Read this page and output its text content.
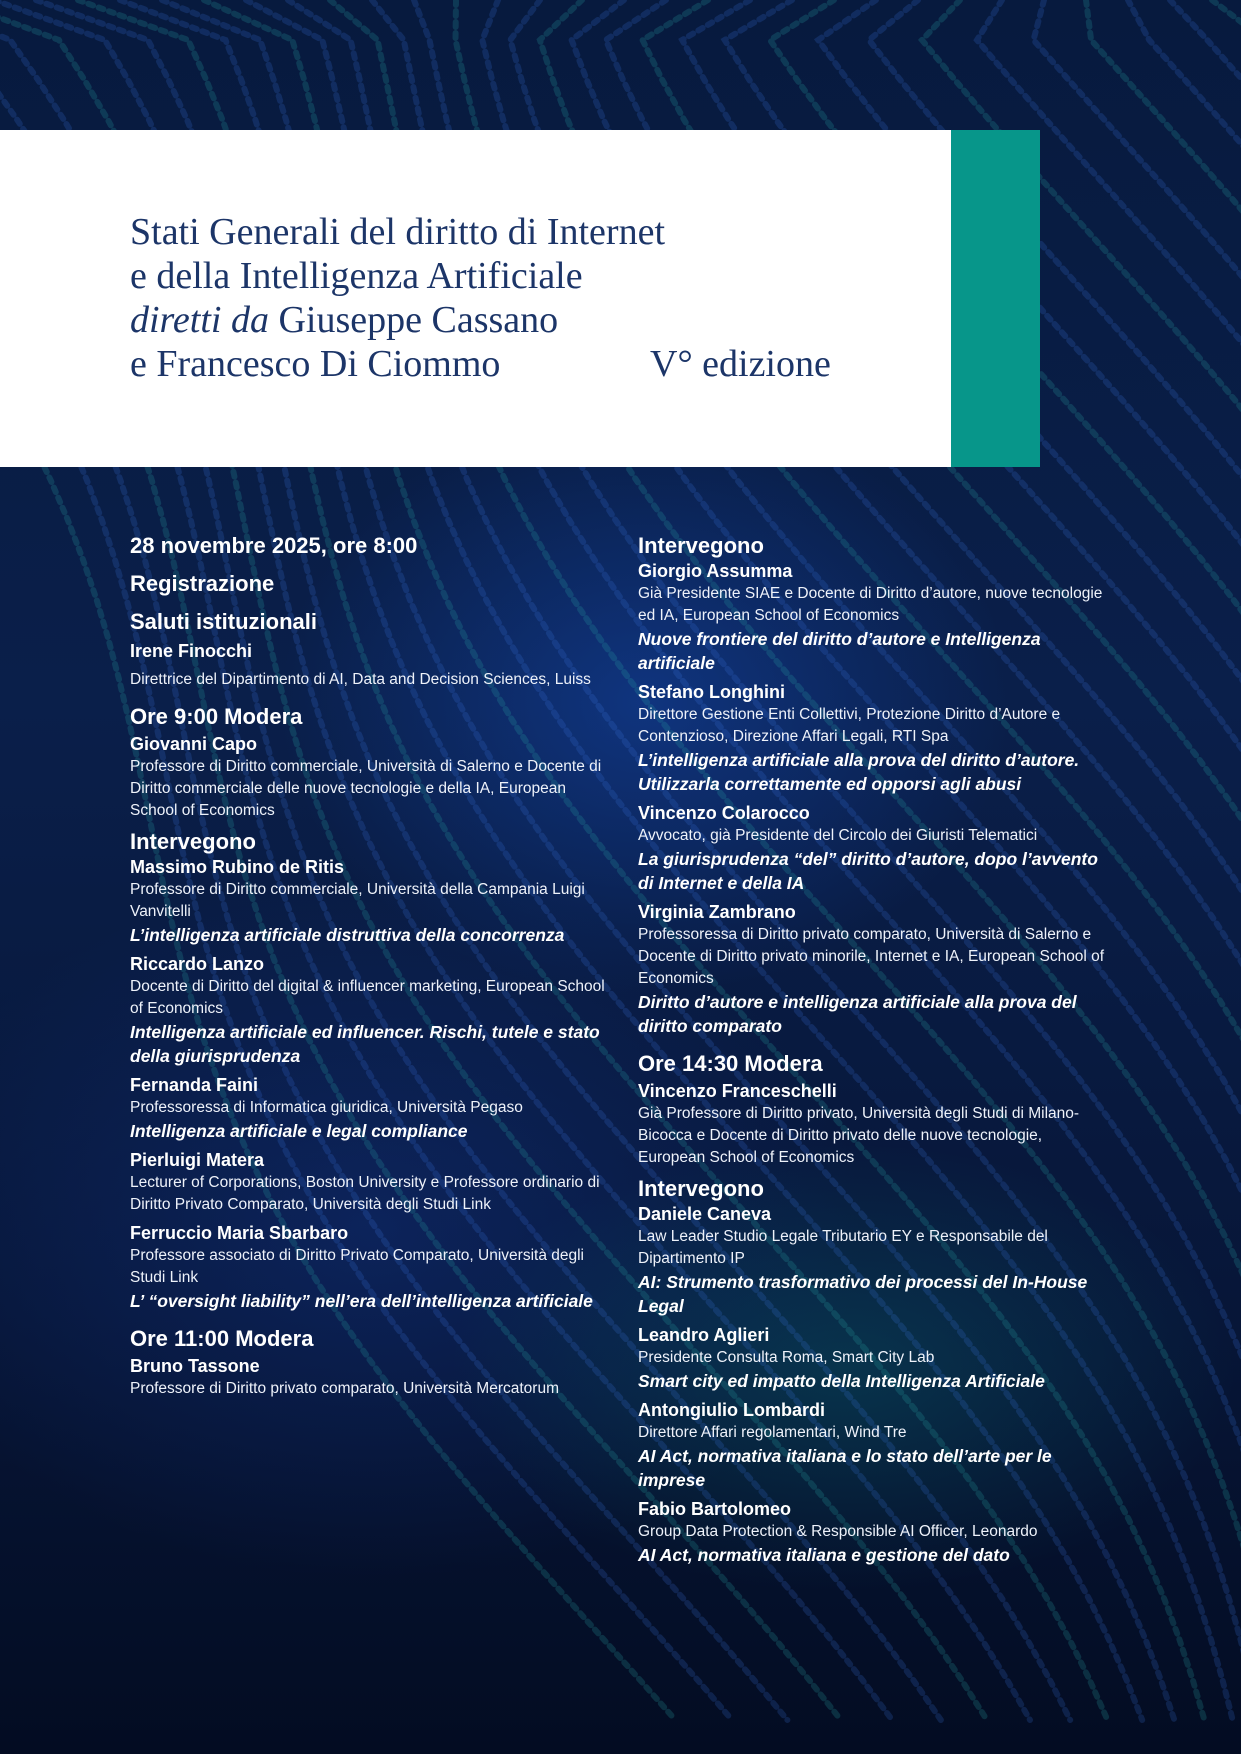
Stati Generali del diritto di Internet
e della Intelligenza Artificiale
diretti da Giuseppe Cassano
e Francesco Di Ciommo	V° edizione
28 novembre 2025, ore 8:00
Registrazione
Saluti istituzionali

Irene Finocchi

Direttrice del Dipartimento di AI, Data and Decision Sciences, Luiss

Ore 9:00 Modera

Giovanni Capo

Professore di Diritto commerciale, Università di Salerno e Docente di Diritto commerciale delle nuove tecnologie e della IA, European School of Economics

Intervegono

Massimo Rubino de Ritis

Professore di Diritto commerciale, Università della Campania Luigi Vanvitelli

L’intelligenza artificiale distruttiva della concorrenza

Riccardo Lanzo

Docente di Diritto del digital & influencer marketing, European School of Economics

Intelligenza artificiale ed influencer. Rischi, tutele e stato della giurisprudenza

Fernanda Faini

Professoressa di Informatica giuridica, Università Pegaso

Intelligenza artificiale e legal compliance

Pierluigi Matera

Lecturer of Corporations, Boston University e Professore ordinario di Diritto Privato Comparato, Università degli Studi Link

Ferruccio Maria Sbarbaro

Professore associato di Diritto Privato Comparato, Università degli Studi Link

L’ “oversight liability” nell’era dell’intelligenza artificiale

Ore 11:00 Modera

Bruno Tassone

Professore di Diritto privato comparato, Università Mercatorum

Intervegono

Giorgio Assumma

Già Presidente SIAE e Docente di Diritto d’autore, nuove tecnologie ed IA, European School of Economics

Nuove frontiere del diritto d’autore e Intelligenza artificiale

Stefano Longhini

Direttore Gestione Enti Collettivi, Protezione Diritto d’Autore e Contenzioso, Direzione Affari Legali, RTI Spa

L’intelligenza artificiale alla prova del diritto d’autore. Utilizzarla correttamente ed opporsi agli abusi

Vincenzo Colarocco

Avvocato, già Presidente del Circolo dei Giuristi Telematici

La giurisprudenza “del” diritto d’autore, dopo l’avvento di Internet e della IA

Virginia Zambrano

Professoressa di Diritto privato comparato, Università di Salerno e Docente di Diritto privato minorile, Internet e IA, European School of Economics

Diritto d’autore e intelligenza artificiale alla prova del diritto comparato

Ore 14:30 Modera

Vincenzo Franceschelli

Già Professore di Diritto privato, Università degli Studi di Milano-Bicocca e Docente di Diritto privato delle nuove tecnologie, European School of Economics

Intervegono

Daniele Caneva

Law Leader Studio Legale Tributario EY e Responsabile del Dipartimento IP

AI: Strumento trasformativo dei processi del In-House Legal

Leandro Aglieri

Presidente Consulta Roma, Smart City Lab

Smart city ed impatto della Intelligenza Artificiale

Antongiulio Lombardi

Direttore Affari regolamentari, Wind Tre

AI Act, normativa italiana e lo stato dell’arte per le imprese

Fabio Bartolomeo

Group Data Protection & Responsible AI Officer, Leonardo

AI Act, normativa italiana e gestione del dato
